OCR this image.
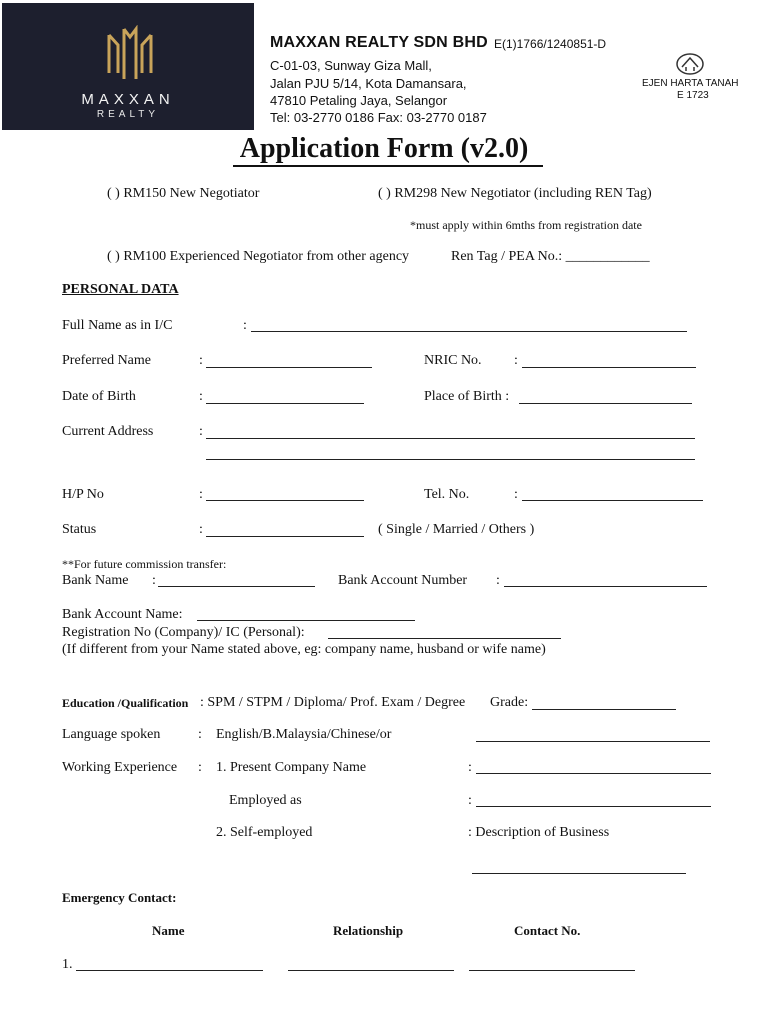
MAXXAN
REALTY
MAXXAN REALTY SDN BHD E(1)1766/1240851-D
C-01-03, Sunway Giza Mall,
Jalan PJU 5/14, Kota Damansara,
47810 Petaling Jaya, Selangor
Tel: 03-2770 0186 Fax: 03-2770 0187
EJEN HARTA TANAH
E 1723
Application Form (v2.0)
( ) RM150 New Negotiator	( ) RM298 New Negotiator (including REN Tag)
*must apply within 6mths from registration date
( ) RM100 Experienced Negotiator from other agency	Ren Tag / PEA No.: ____________
PERSONAL DATA
Full Name as in I/C	:
Preferred Name	:	NRIC No. :
Date of Birth	:	Place of Birth :
Current Address	:
H/P No	:	Tel. No.	:
Status	:	( Single / Married / Others )
**For future commission transfer:
Bank Name :	Bank Account Number :
Bank Account Name:
Registration No (Company)/ IC (Personal):
(If different from your Name stated above, eg: company name, husband or wife name)
Education /Qualification : SPM / STPM / Diploma/ Prof. Exam / Degree Grade:
Language spoken	: English/B.Malaysia/Chinese/or
Working Experience : 1. Present Company Name	:
Employed as	:
2. Self-employed	: Description of Business
Emergency Contact:
Name	Relationship	Contact No.
1.
